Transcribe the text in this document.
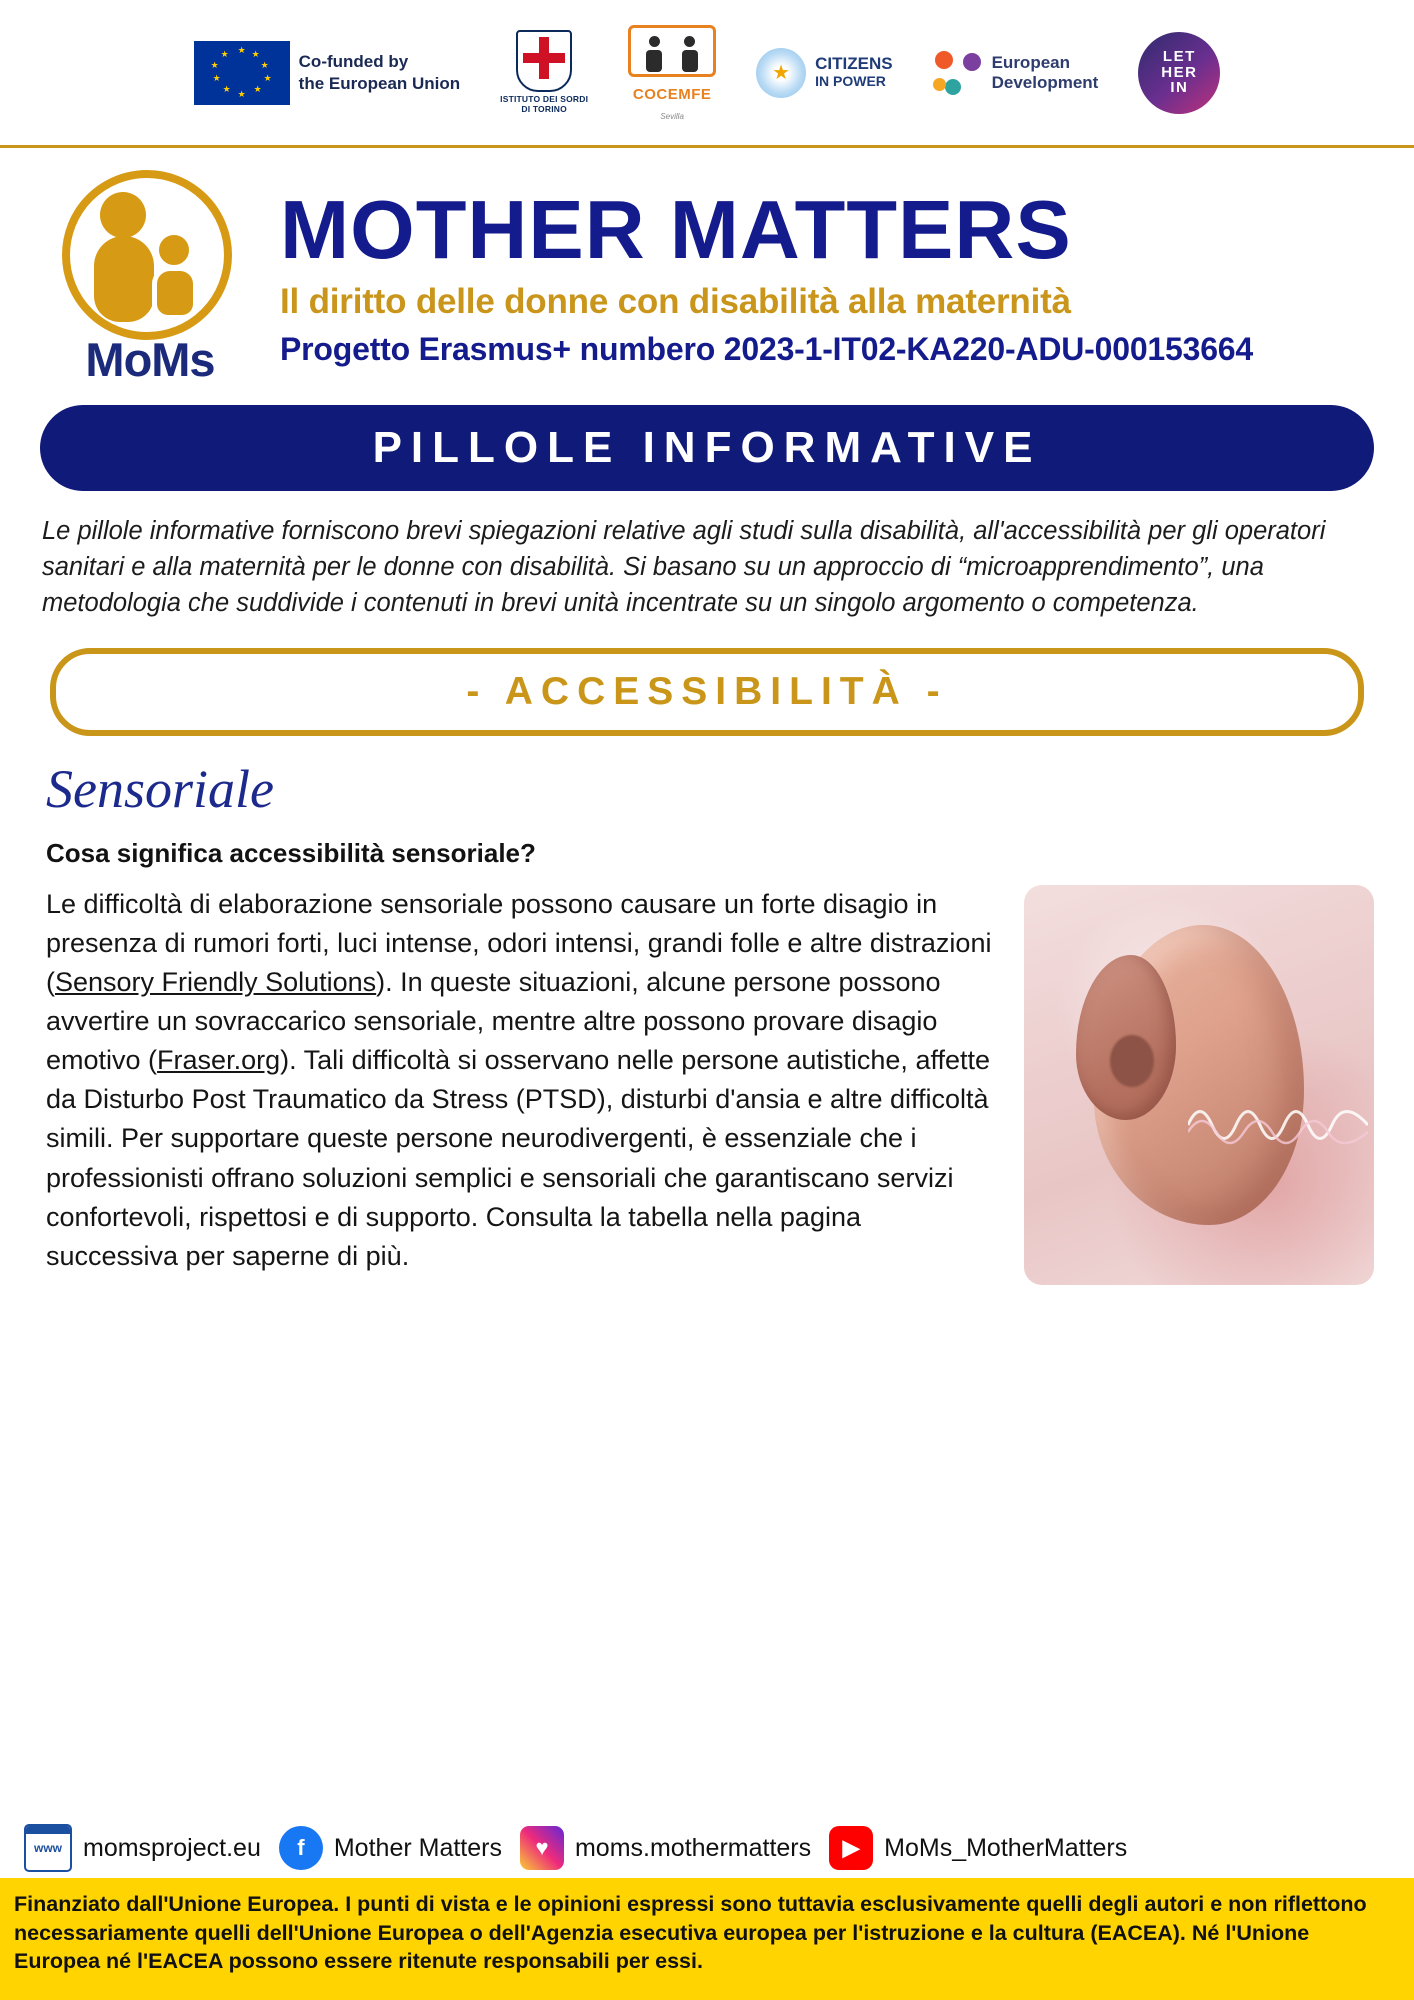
★ ★
★
★
★
★
★
★
★
★	Co-funded by
the European Union
ISTITUTO DEI SORDI
DI TORINO
COCEMFE
Sevilla
★
CITIZENS
IN POWER
European
Development
LET
HER
IN
MoMs
MOTHER MATTERS
Il diritto delle donne con disabilità alla maternità
Progetto Erasmus+ numbero 2023-1-IT02-KA220-ADU-000153664
PILLOLE INFORMATIVE
Le pillole informative forniscono brevi spiegazioni relative agli studi sulla disabilità, all'accessibilità per gli operatori sanitari e alla maternità per le donne con disabilità. Si basano su un approccio di “microapprendimento”, una metodologia che suddivide i contenuti in brevi unità incentrate su un singolo argomento o competenza.
- ACCESSIBILITÀ -
Sensoriale
Cosa significa accessibilità sensoriale?
Le difficoltà di elaborazione sensoriale possono causare un forte disagio in presenza di rumori forti, luci intense, odori intensi, grandi folle e altre distrazioni (Sensory Friendly Solutions). In queste situazioni, alcune persone possono avvertire un sovraccarico sensoriale, mentre altre possono provare disagio emotivo (Fraser.org). Tali difficoltà si osservano nelle persone autistiche, affette da Disturbo Post Traumatico da Stress (PTSD), disturbi d'ansia e altre difficoltà simili. Per supportare queste persone neurodivergenti, è essenziale che i professionisti offrano soluzioni semplici e sensoriali che garantiscano servizi confortevoli, rispettosi e di supporto. Consulta la tabella nella pagina successiva per saperne di più.
www momsproject.eu	f	Mother Matters	♥	moms.mothermatters	▶ MoMs_MotherMatters
Finanziato dall'Unione Europea. I punti di vista e le opinioni espressi sono tuttavia esclusivamente quelli degli autori e non riflettono necessariamente quelli dell'Unione Europea o dell'Agenzia esecutiva europea per l'istruzione e la cultura (EACEA). Né l'Unione Europea né l'EACEA possono essere ritenute responsabili per essi.
